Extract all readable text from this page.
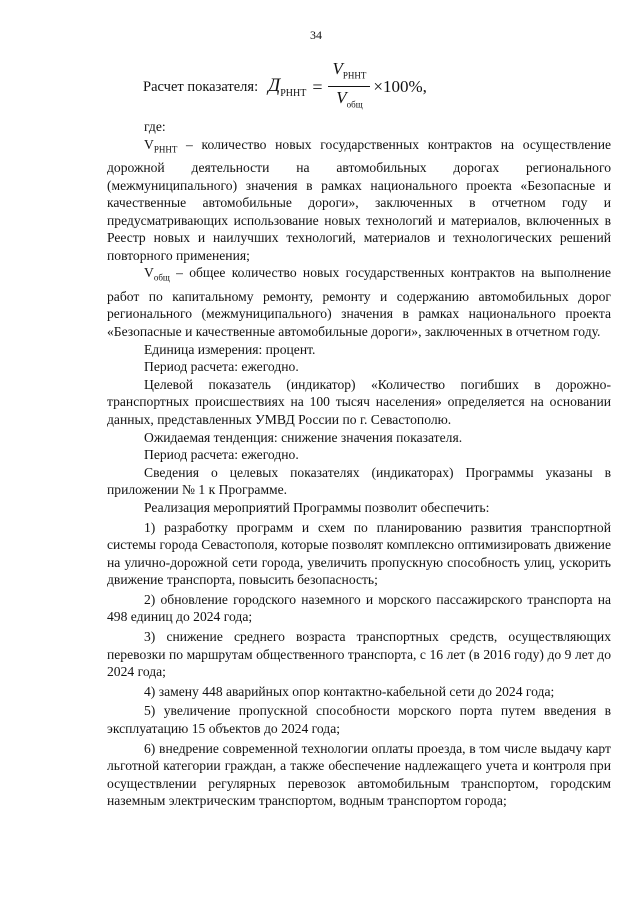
34
Расчет показателя: $Д_{РННТ} = \frac{V_{РННТ}}{V_{общ}} \times 100\%$,

где:

$V_{РННТ}$ – количество новых государственных контрактов на осуществление дорожной деятельности на автомобильных дорогах регионального (межмуниципального) значения в рамках национального проекта «Безопасные и качественные автомобильные дороги», заключенных в отчетном году и предусматривающих использование новых технологий и материалов, включенных в Реестр новых и наилучших технологий, материалов и технологических решений повторного применения;

$V_{общ}$ – общее количество новых государственных контрактов на выполнение работ по капитальному ремонту, ремонту и содержанию автомобильных дорог регионального (межмуниципального) значения в рамках национального проекта «Безопасные и качественные автомобильные дороги», заключенных в отчетном году.

Единица измерения: процент.

Период расчета: ежегодно.

Целевой показатель (индикатор) «Количество погибших в дорожно-транспортных происшествиях на 100 тысяч населения» определяется на основании данных, представленных УМВД России по г. Севастополю.

Ожидаемая тенденция: снижение значения показателя.

Период расчета: ежегодно.

Сведения о целевых показателях (индикаторах) Программы указаны в приложении № 1 к Программе.

Реализация мероприятий Программы позволит обеспечить:

1) разработку программ и схем по планированию развития транспортной системы города Севастополя, которые позволят комплексно оптимизировать движение на улично-дорожной сети города, увеличить пропускную способность улиц, ускорить движение транспорта, повысить безопасность;

2) обновление городского наземного и морского пассажирского транспорта на 498 единиц до 2024 года;

3) снижение среднего возраста транспортных средств, осуществляющих перевозки по маршрутам общественного транспорта, с 16 лет (в 2016 году) до 9 лет до 2024 года;

4) замену 448 аварийных опор контактно-кабельной сети до 2024 года;

5) увеличение пропускной способности морского порта путем введения в эксплуатацию 15 объектов до 2024 года;

6) внедрение современной технологии оплаты проезда, в том числе выдачу карт льготной категории граждан, а также обеспечение надлежащего учета и контроля при осуществлении регулярных перевозок автомобильным транспортом, городским наземным электрическим транспортом, водным транспортом города;
